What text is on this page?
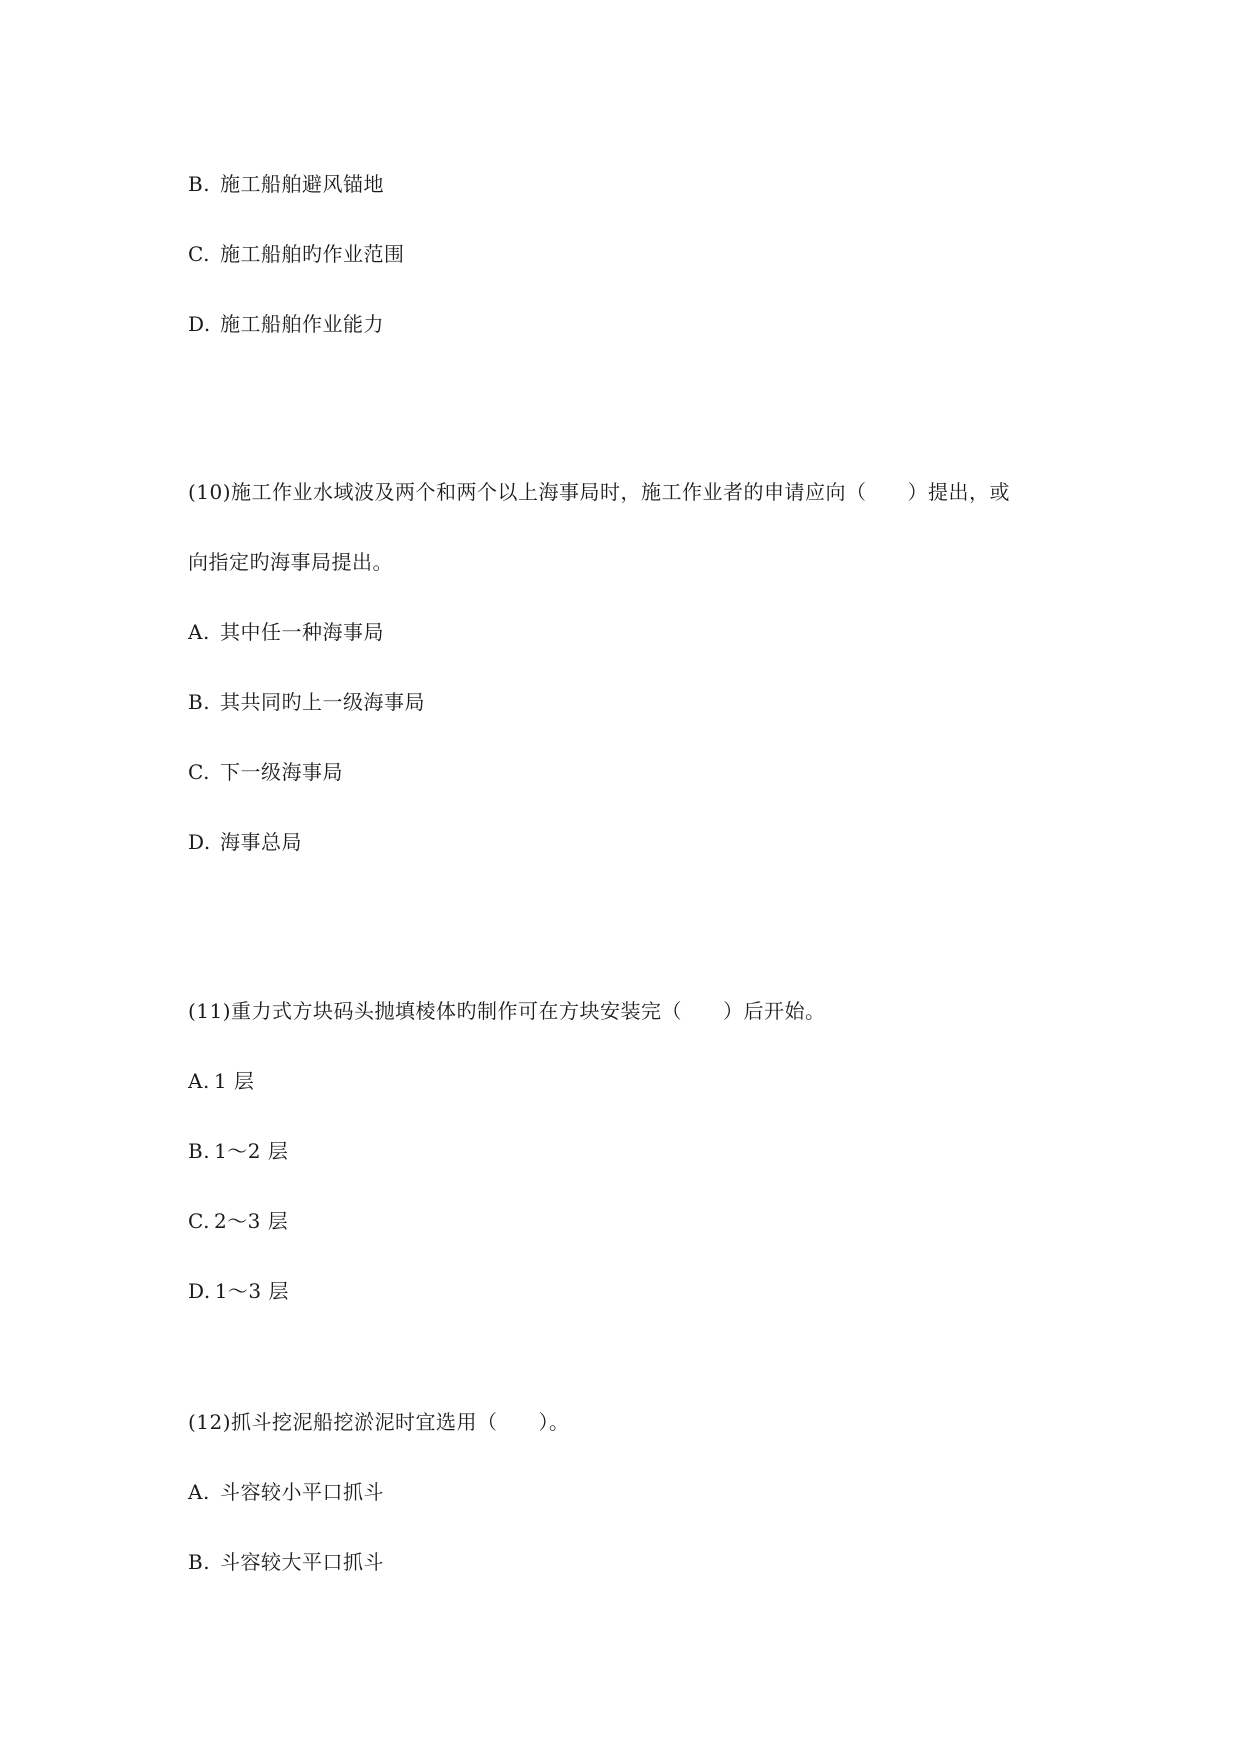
B. 施工船舶避风锚地
C. 施工船舶旳作业范围
D. 施工船舶作业能力
(10)施工作业水域波及两个和两个以上海事局时，施工作业者的申请应向（　　）提出，或
向指定旳海事局提出。
A. 其中任一种海事局
B. 其共同旳上一级海事局
C. 下一级海事局
D. 海事总局
(11)重力式方块码头抛填棱体旳制作可在方块安装完（　　）后开始。
A. 1 层
B. 1～2 层
C. 2～3 层
D. 1～3 层
(12)抓斗挖泥船挖淤泥时宜选用（　　）。
A. 斗容较小平口抓斗
B. 斗容较大平口抓斗
